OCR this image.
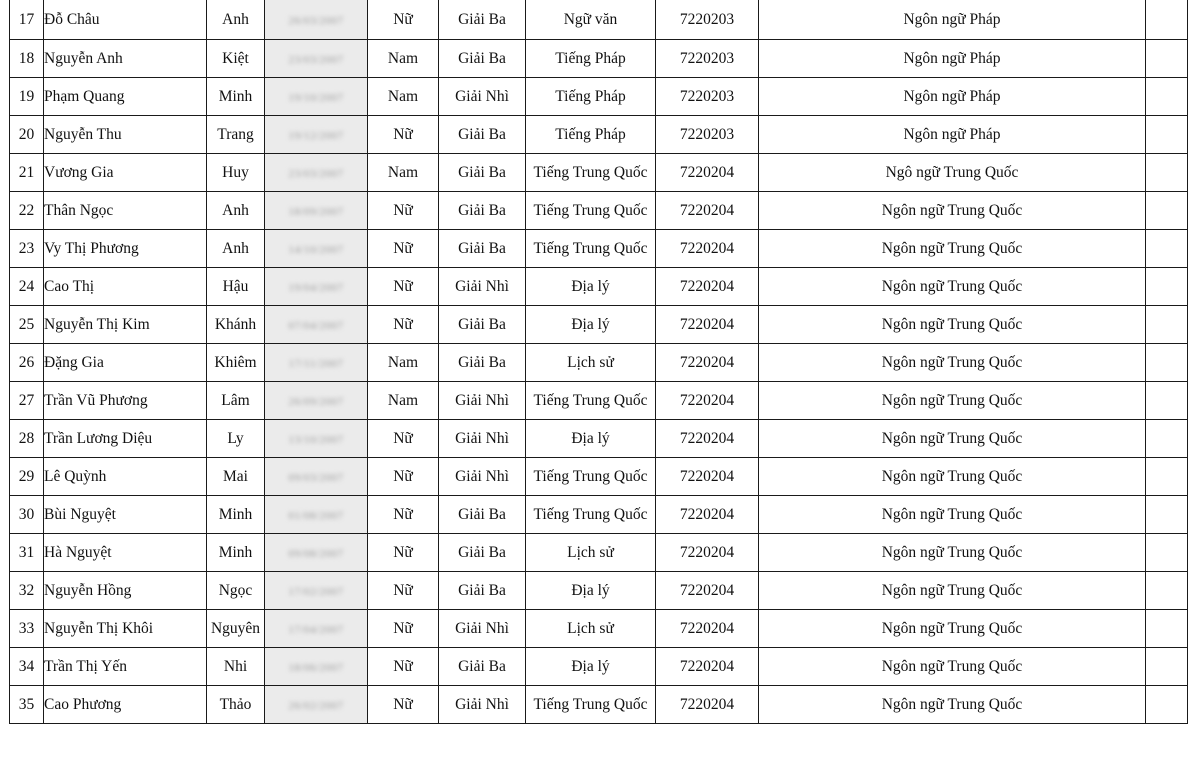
17	Đỗ Châu	Anh	26/03/2007	Nữ	Giải Ba	Ngữ văn	7220203	Ngôn ngữ Pháp	
18	Nguyễn Anh	Kiệt	23/03/2007	Nam	Giải Ba	Tiếng Pháp	7220203	Ngôn ngữ Pháp	
19	Phạm Quang	Minh	19/10/2007	Nam	Giải Nhì	Tiếng Pháp	7220203	Ngôn ngữ Pháp	
20	Nguyễn Thu	Trang	19/12/2007	Nữ	Giải Ba	Tiếng Pháp	7220203	Ngôn ngữ Pháp	
21	Vương Gia	Huy	23/03/2007	Nam	Giải Ba	Tiếng Trung Quốc	7220204	Ngô ngữ Trung Quốc	
22	Thân Ngọc	Anh	18/09/2007	Nữ	Giải Ba	Tiếng Trung Quốc	7220204	Ngôn ngữ Trung Quốc	
23	Vy Thị Phương	Anh	14/10/2007	Nữ	Giải Ba	Tiếng Trung Quốc	7220204	Ngôn ngữ Trung Quốc	
24	Cao Thị	Hậu	19/04/2007	Nữ	Giải Nhì	Địa lý	7220204	Ngôn ngữ Trung Quốc	
25	Nguyễn Thị Kim	Khánh	07/04/2007	Nữ	Giải Ba	Địa lý	7220204	Ngôn ngữ Trung Quốc	
26	Đặng Gia	Khiêm	17/11/2007	Nam	Giải Ba	Lịch sử	7220204	Ngôn ngữ Trung Quốc	
27	Trần Vũ Phương	Lâm	26/09/2007	Nam	Giải Nhì	Tiếng Trung Quốc	7220204	Ngôn ngữ Trung Quốc	
28	Trần Lương Diệu	Ly	13/10/2007	Nữ	Giải Nhì	Địa lý	7220204	Ngôn ngữ Trung Quốc	
29	Lê Quỳnh	Mai	09/03/2007	Nữ	Giải Nhì	Tiếng Trung Quốc	7220204	Ngôn ngữ Trung Quốc	
30	Bùi Nguyệt	Minh	01/08/2007	Nữ	Giải Ba	Tiếng Trung Quốc	7220204	Ngôn ngữ Trung Quốc	
31	Hà Nguyệt	Minh	09/08/2007	Nữ	Giải Ba	Lịch sử	7220204	Ngôn ngữ Trung Quốc	
32	Nguyễn Hồng	Ngọc	17/02/2007	Nữ	Giải Ba	Địa lý	7220204	Ngôn ngữ Trung Quốc	
33	Nguyễn Thị Khôi	Nguyên	17/04/2007	Nữ	Giải Nhì	Lịch sử	7220204	Ngôn ngữ Trung Quốc	
34	Trần Thị Yến	Nhi	18/06/2007	Nữ	Giải Ba	Địa lý	7220204	Ngôn ngữ Trung Quốc	
35	Cao Phương	Thảo	26/02/2007	Nữ	Giải Nhì	Tiếng Trung Quốc	7220204	Ngôn ngữ Trung Quốc	
